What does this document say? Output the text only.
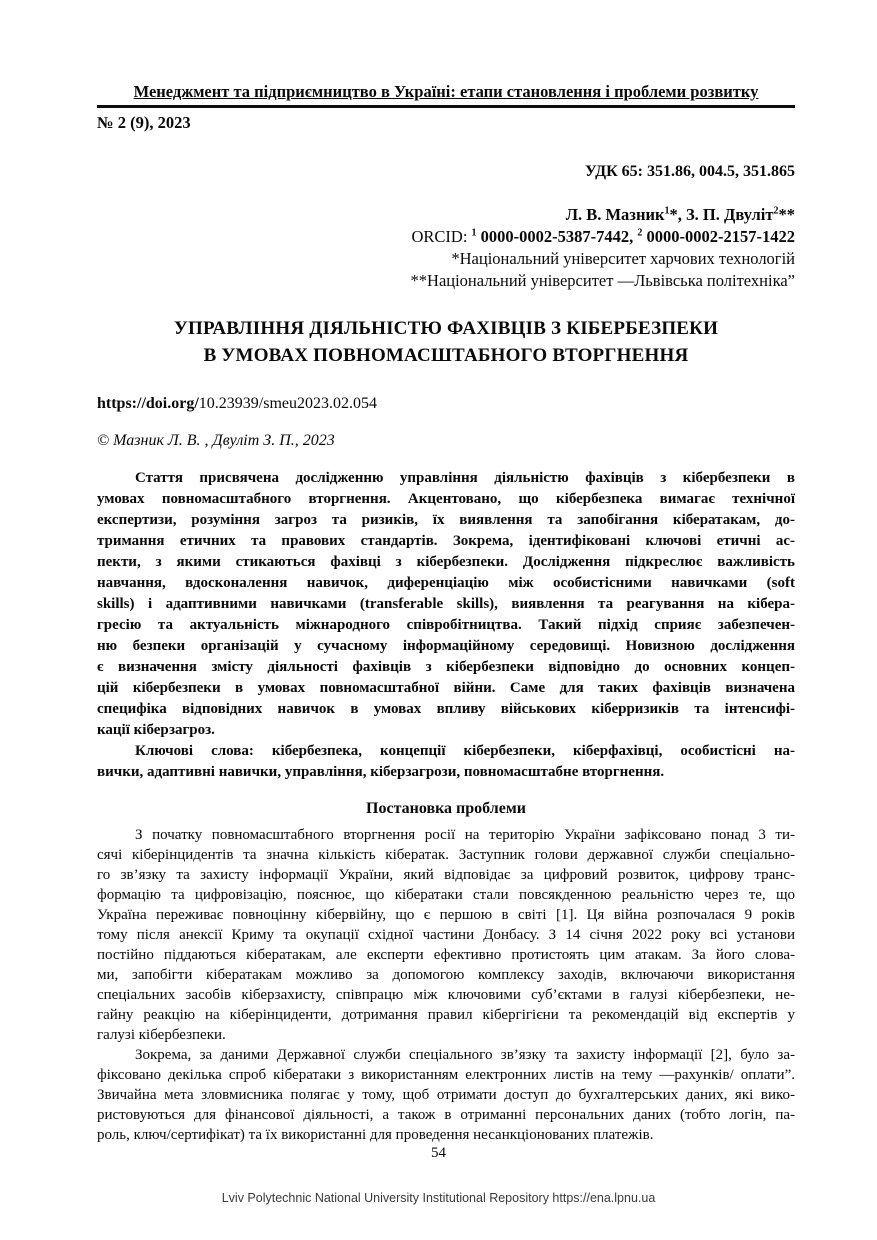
Менеджмент та підприємництво в Україні: етапи становлення і проблеми розвитку
№ 2 (9), 2023
УДК 65: 351.86, 004.5, 351.865
Л. В. Мазник$^1$*, З. П. Двуліт$^2$**
ORCID: $^1$ 0000-0002-5387-7442, $^2$ 0000-0002-2157-1422
*Національний університет харчових технологій
**Національний університет —Львівська політехніка”
УПРАВЛІННЯ ДІЯЛЬНІСТЮ ФАХІВЦІВ З КІБЕРБЕЗПЕКИ
В УМОВАХ ПОВНОМАСШТАБНОГО ВТОРГНЕННЯ
https://doi.org/10.23939/smeu2023.02.054
© Мазник Л. В. , Двуліт З. П., 2023
Стаття присвячена дослідженню управління діяльністю фахівців з кібербезпеки в
умовах повномасштабного вторгнення. Акцентовано, що кібербезпека вимагає технічної
експертизи, розуміння загроз та ризиків, їх виявлення та запобігання кібератакам, до-
тримання етичних та правових стандартів. Зокрема, ідентифіковані ключові етичні ас-
пекти, з якими стикаються фахівці з кібербезпеки. Дослідження підкреслює важливість
навчання, вдосконалення навичок, диференціацію між особистісними навичками (soft
skills) і адаптивними навичками (transferable skills), виявлення та реагування на кібера-
гресію та актуальність міжнародного співробітництва. Такий підхід сприяє забезпечен-
ню безпеки організацій у сучасному інформаційному середовищі. Новизною дослідження
є визначення змісту діяльності фахівців з кібербезпеки відповідно до основних концеп-
цій кібербезпеки в умовах повномасштабної війни. Саме для таких фахівців визначена
специфіка відповідних навичок в умовах впливу військових кіберризиків та інтенсифі-
кації кіберзагроз.
Ключові слова: кібербезпека, концепції кібербезпеки, кіберфахівці, особистісні на-
вички, адаптивні навички, управління, кіберзагрози, повномасштабне вторгнення.
Постановка проблеми
З початку повномасштабного вторгнення росії на територію України зафіксовано понад 3 ти-
сячі кіберінцидентів та значна кількість кібератак. Заступник голови державної служби спеціально-
го зв’язку та захисту інформації України, який відповідає за цифровий розвиток, цифрову транс-
формацію та цифровізацію, пояснює, що кібератаки стали повсякденною реальністю через те, що
Україна переживає повноцінну кібервійну, що є першою в світі [1]. Ця війна розпочалася 9 років
тому після анексії Криму та окупації східної частини Донбасу. З 14 січня 2022 року всі установи
постійно піддаються кібератакам, але експерти ефективно протистоять цим атакам. За його слова-
ми, запобігти кібератакам можливо за допомогою комплексу заходів, включаючи використання
спеціальних засобів кіберзахисту, співпрацю між ключовими суб’єктами в галузі кібербезпеки, не-
гайну реакцію на кіберінциденти, дотримання правил кібергігієни та рекомендацій від експертів у
галузі кібербезпеки.
Зокрема, за даними Державної служби спеціального зв’язку та захисту інформації [2], було за-
фіксовано декілька спроб кібератаки з використанням електронних листів на тему —рахунків/ оплати”.
Звичайна мета зловмисника полягає у тому, щоб отримати доступ до бухгалтерських даних, які вико-
ристовуються для фінансової діяльності, а також в отриманні персональних даних (тобто логін, па-
роль, ключ/сертифікат) та їх використанні для проведення несанкціонованих платежів.
54
Lviv Polytechnic National University Institutional Repository https://ena.lpnu.ua
